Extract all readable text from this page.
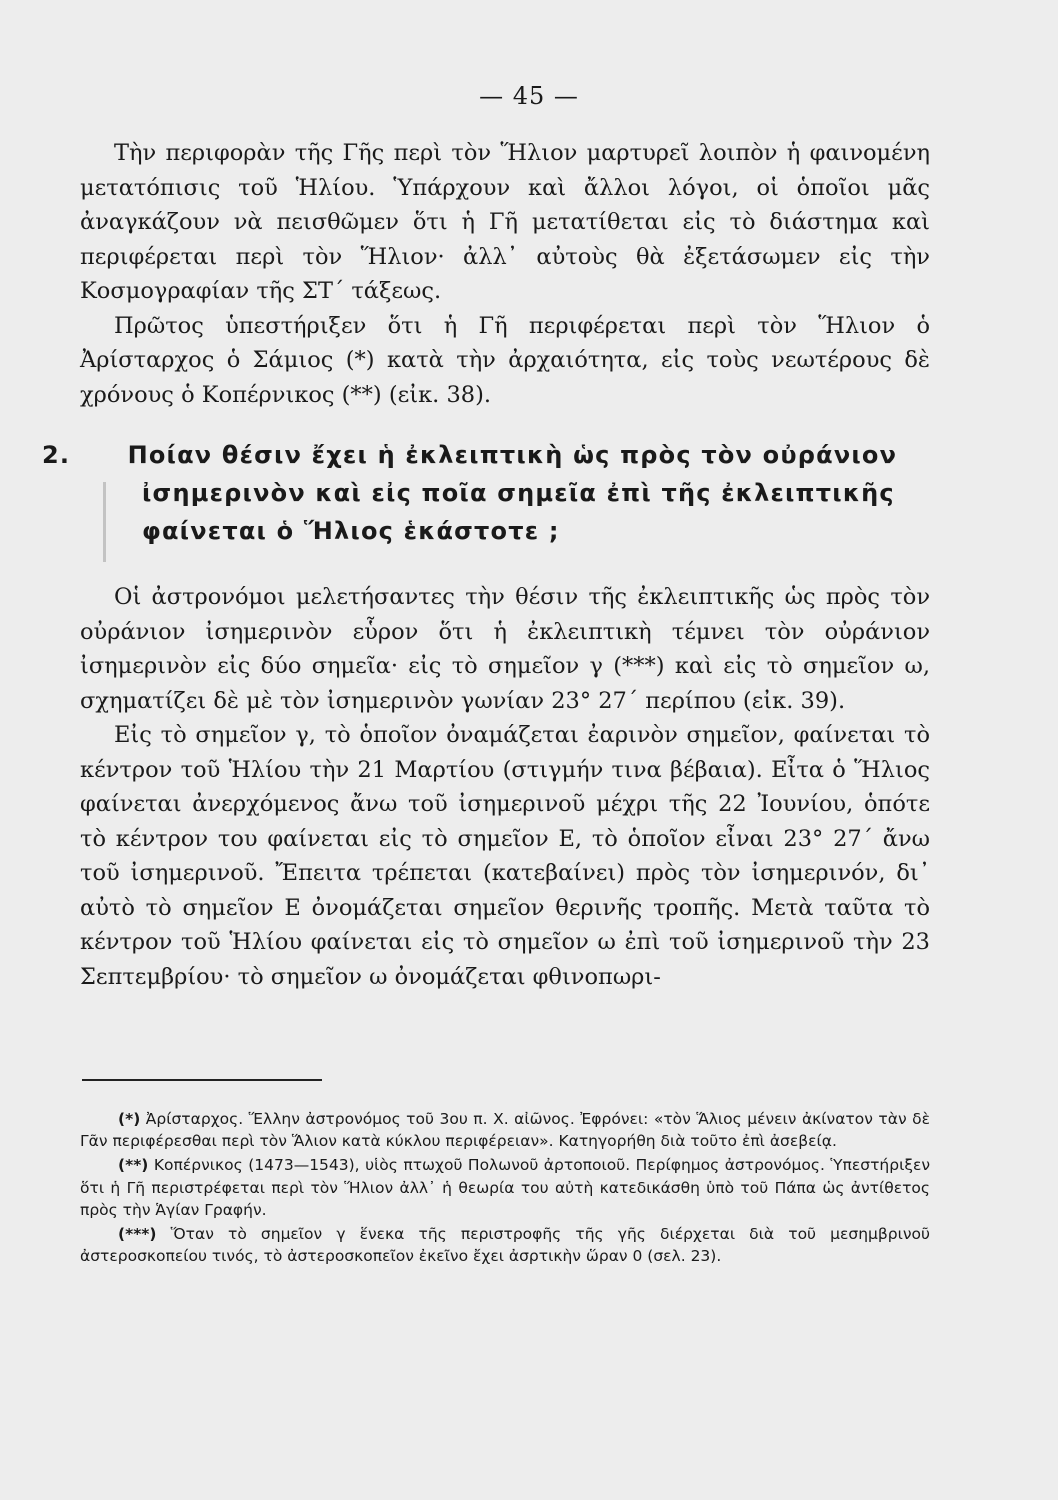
— 45 —

Τὴν περιφορὰν τῆς Γῆς περὶ τὸν Ἥλιον μαρτυρεῖ λοιπὸν ἡ φαινομένη μετατόπισις τοῦ Ἡλίου. Ὑπάρχουν καὶ ἄλλοι λόγοι, οἱ ὁποῖοι μᾶς ἀναγκάζουν νὰ πεισθῶμεν ὅτι ἡ Γῆ μετατίθεται εἰς τὸ διάστημα καὶ περιφέρεται περὶ τὸν Ἥλιον· ἀλλ᾽ αὐτοὺς θὰ ἐξετάσωμεν εἰς τὴν Κοσμογραφίαν τῆς ΣΤ΄ τάξεως.

Πρῶτος ὑπεστήριξεν ὅτι ἡ Γῆ περιφέρεται περὶ τὸν Ἥλιον ὁ Ἀρίσταρχος ὁ Σάμιος (*) κατὰ τὴν ἀρχαιότητα, εἰς τοὺς νεωτέρους δὲ χρόνους ὁ Κοπέρνικος (**) (εἰκ. 38).

2. Ποίαν θέσιν ἔχει ἡ ἐκλειπτικὴ ὡς πρὸς τὸν οὐράνιον ἰσημερινὸν καὶ εἰς ποῖα σημεῖα ἐπὶ τῆς ἐκλειπτικῆς φαίνεται ὁ Ἥλιος ἑκάστοτε ;

Οἱ ἀστρονόμοι μελετήσαντες τὴν θέσιν τῆς ἐκλειπτικῆς ὡς πρὸς τὸν οὐράνιον ἰσημερινὸν εὗρον ὅτι ἡ ἐκλειπτικὴ τέμνει τὸν οὐράνιον ἰσημερινὸν εἰς δύο σημεῖα· εἰς τὸ σημεῖον γ (***) καὶ εἰς τὸ σημεῖον ω, σχηματίζει δὲ μὲ τὸν ἰσημερινὸν γωνίαν 23° 27΄ περίπου (εἰκ. 39).

Εἰς τὸ σημεῖον γ, τὸ ὁποῖον ὀναμάζεται ἐαρινὸν σημεῖον, φαίνεται τὸ κέντρον τοῦ Ἡλίου τὴν 21 Μαρτίου (στιγμήν τινα βέβαια). Εἶτα ὁ Ἥλιος φαίνεται ἀνερχόμενος ἄνω τοῦ ἰσημερινοῦ μέχρι τῆς 22 Ἰουνίου, ὁπότε τὸ κέντρον του φαίνεται εἰς τὸ σημεῖον Ε, τὸ ὁποῖον εἶναι 23° 27΄ ἄνω τοῦ ἰσημερινοῦ. Ἔπειτα τρέπεται (κατεβαίνει) πρὸς τὸν ἰσημερινόν, δι᾽ αὐτὸ τὸ σημεῖον Ε ὀνομάζεται σημεῖον θερινῆς τροπῆς. Μετὰ ταῦτα τὸ κέντρον τοῦ Ἡλίου φαίνεται εἰς τὸ σημεῖον ω ἐπὶ τοῦ ἰσημερινοῦ τὴν 23 Σεπτεμβρίου· τὸ σημεῖον ω ὀνομάζεται φθινοπωρι-

(*) Ἀρίσταρχος. Ἕλλην ἀστρονόμος τοῦ 3ου π. Χ. αἰῶνος. Ἐφρόνει: «τὸν Ἅλιος μένειν ἀκίνατον τὰν δὲ Γᾶν περιφέρεσθαι περὶ τὸν Ἅλιον κατὰ κύκλου περιφέρειαν». Κατηγορήθη διὰ τοῦτο ἐπὶ ἀσεβείᾳ.

(**) Κοπέρνικος (1473—1543), υἱὸς πτωχοῦ Πολωνοῦ ἀρτοποιοῦ. Περίφημος ἀστρονόμος. Ὑπεστήριξεν ὅτι ἡ Γῆ περιστρέφεται περὶ τὸν Ἥλιον ἀλλ᾽ ἡ θεωρία του αὐτὴ κατεδικάσθη ὑπὸ τοῦ Πάπα ὡς ἀντίθετος πρὸς τὴν Ἁγίαν Γραφήν.

(***) Ὅταν τὸ σημεῖον γ ἕνεκα τῆς περιστροφῆς τῆς γῆς διέρχεται διὰ τοῦ μεσημβρινοῦ ἀστεροσκοπείου τινός, τὸ ἀστεροσκοπεῖον ἐκεῖνο ἔχει ἀσρτικὴν ὥραν 0 (σελ. 23).
